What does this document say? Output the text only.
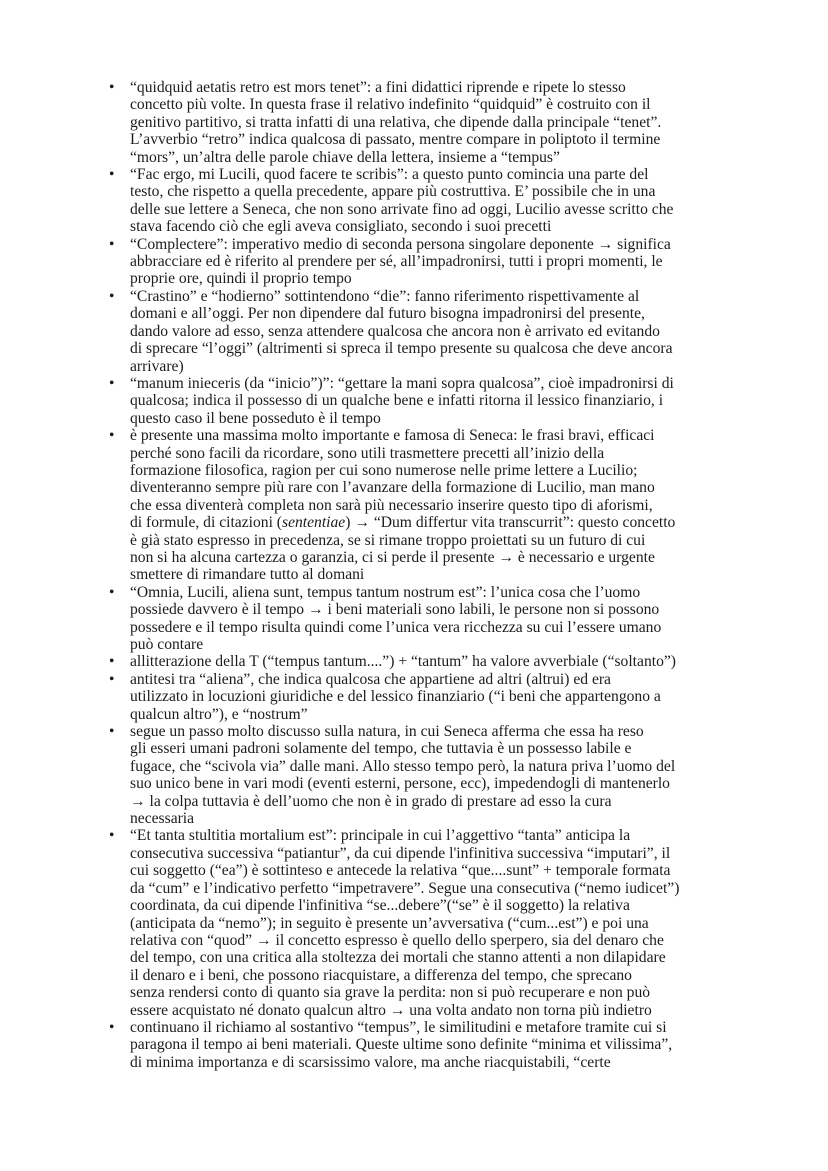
• “quidquid aetatis retro est mors tenet”: a fini didattici riprende e ripete lo stesso
concetto più volte. In questa frase il relativo indefinito “quidquid” è costruito con il
genitivo partitivo, si tratta infatti di una relativa, che dipende dalla principale “tenet”.
L’avverbio “retro” indica qualcosa di passato, mentre compare in poliptoto il termine
“mors”, un’altra delle parole chiave della lettera, insieme a “tempus”
• “Fac ergo, mi Lucili, quod facere te scribis”: a questo punto comincia una parte del
testo, che rispetto a quella precedente, appare più costruttiva. E’ possibile che in una
delle sue lettere a Seneca, che non sono arrivate fino ad oggi, Lucilio avesse scritto che
stava facendo ciò che egli aveva consigliato, secondo i suoi precetti
• “Complectere”: imperativo medio di seconda persona singolare deponente → significa
abbracciare ed è riferito al prendere per sé, all’impadronirsi, tutti i propri momenti, le
proprie ore, quindi il proprio tempo
• “Crastino” e “hodierno” sottintendono “die”: fanno riferimento rispettivamente al
domani e all’oggi. Per non dipendere dal futuro bisogna impadronirsi del presente,
dando valore ad esso, senza attendere qualcosa che ancora non è arrivato ed evitando
di sprecare “l’oggi” (altrimenti si spreca il tempo presente su qualcosa che deve ancora
arrivare)
• “manum inieceris (da “inicio”)”: “gettare la mani sopra qualcosa”, cioè impadronirsi di
qualcosa; indica il possesso di un qualche bene e infatti ritorna il lessico finanziario, i
questo caso il bene posseduto è il tempo
• è presente una massima molto importante e famosa di Seneca: le frasi bravi, efficaci
perché sono facili da ricordare, sono utili trasmettere precetti all’inizio della
formazione filosofica, ragion per cui sono numerose nelle prime lettere a Lucilio;
diventeranno sempre più rare con l’avanzare della formazione di Lucilio, man mano
che essa diventerà completa non sarà più necessario inserire questo tipo di aforismi,
di formule, di citazioni (sententiae) → “Dum differtur vita transcurrit”: questo concetto
è già stato espresso in precedenza, se si rimane troppo proiettati su un futuro di cui
non si ha alcuna cartezza o garanzia, ci si perde il presente → è necessario e urgente
smettere di rimandare tutto al domani
• “Omnia, Lucili, aliena sunt, tempus tantum nostrum est”: l’unica cosa che l’uomo
possiede davvero è il tempo → i beni materiali sono labili, le persone non si possono
possedere e il tempo risulta quindi come l’unica vera ricchezza su cui l’essere umano
può contare
• allitterazione della T (“tempus tantum....”) + “tantum” ha valore avverbiale (“soltanto”)
• antitesi tra “aliena”, che indica qualcosa che appartiene ad altri (altrui) ed era
utilizzato in locuzioni giuridiche e del lessico finanziario (“i beni che appartengono a
qualcun altro”), e “nostrum”
• segue un passo molto discusso sulla natura, in cui Seneca afferma che essa ha reso
gli esseri umani padroni solamente del tempo, che tuttavia è un possesso labile e
fugace, che “scivola via” dalle mani. Allo stesso tempo però, la natura priva l’uomo del
suo unico bene in vari modi (eventi esterni, persone, ecc), impedendogli di mantenerlo
→ la colpa tuttavia è dell’uomo che non è in grado di prestare ad esso la cura
necessaria
• “Et tanta stultitia mortalium est”: principale in cui l’aggettivo “tanta” anticipa la
consecutiva successiva “patiantur”, da cui dipende l'infinitiva successiva “imputari”, il
cui soggetto (“ea”) è sottinteso e antecede la relativa “que....sunt” + temporale formata
da “cum” e l’indicativo perfetto “impetravere”. Segue una consecutiva (“nemo iudicet”)
coordinata, da cui dipende l'infinitiva “se...debere”(“se” è il soggetto) la relativa
(anticipata da “nemo”); in seguito è presente un’avversativa (“cum...est”) e poi una
relativa con “quod” → il concetto espresso è quello dello sperpero, sia del denaro che
del tempo, con una critica alla stoltezza dei mortali che stanno attenti a non dilapidare
il denaro e i beni, che possono riacquistare, a differenza del tempo, che sprecano
senza rendersi conto di quanto sia grave la perdita: non si può recuperare e non può
essere acquistato né donato qualcun altro → una volta andato non torna più indietro
• continuano il richiamo al sostantivo “tempus”, le similitudini e metafore tramite cui si
paragona il tempo ai beni materiali. Queste ultime sono definite “minima et vilissima”,
di minima importanza e di scarsissimo valore, ma anche riacquistabili, “certe
